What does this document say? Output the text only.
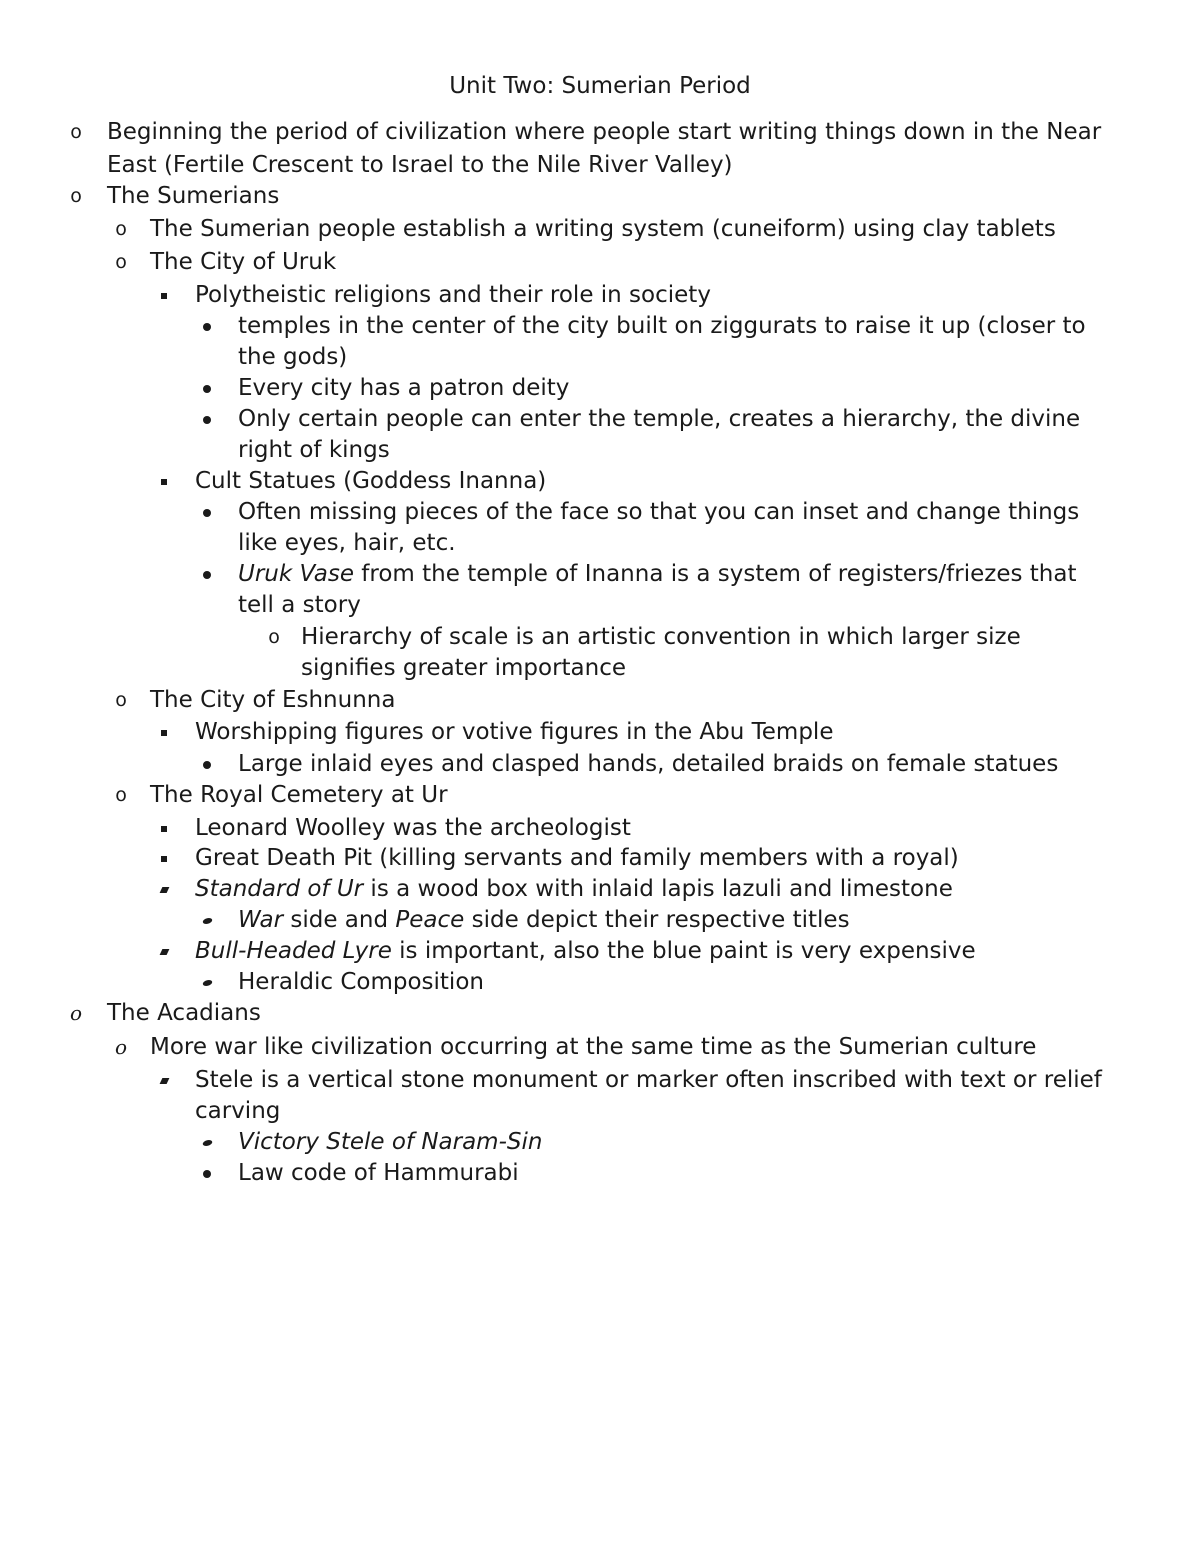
Unit Two: Sumerian Period
o Beginning the period of civilization where people start writing things down in the Near
East (Fertile Crescent to Israel to the Nile River Valley)
o The Sumerians
o The Sumerian people establish a writing system (cuneiform) using clay tablets
o The City of Uruk
Polytheistic religions and their role in society
temples in the center of the city built on ziggurats to raise it up (closer to
the gods)
Every city has a patron deity
Only certain people can enter the temple, creates a hierarchy, the divine
right of kings
Cult Statues (Goddess Inanna)
Often missing pieces of the face so that you can inset and change things
like eyes, hair, etc.
Uruk Vase from the temple of Inanna is a system of registers/friezes that
tell a story
o Hierarchy of scale is an artistic convention in which larger size
signifies greater importance
o The City of Eshnunna
Worshipping figures or votive figures in the Abu Temple
Large inlaid eyes and clasped hands, detailed braids on female statues
o The Royal Cemetery at Ur
Leonard Woolley was the archeologist
Great Death Pit (killing servants and family members with a royal)
Standard of Ur is a wood box with inlaid lapis lazuli and limestone
War side and Peace side depict their respective titles
Bull-Headed Lyre is important, also the blue paint is very expensive
Heraldic Composition
o The Acadians
o More war like civilization occurring at the same time as the Sumerian culture
Stele is a vertical stone monument or marker often inscribed with text or relief
carving
Victory Stele of Naram-Sin
Law code of Hammurabi
